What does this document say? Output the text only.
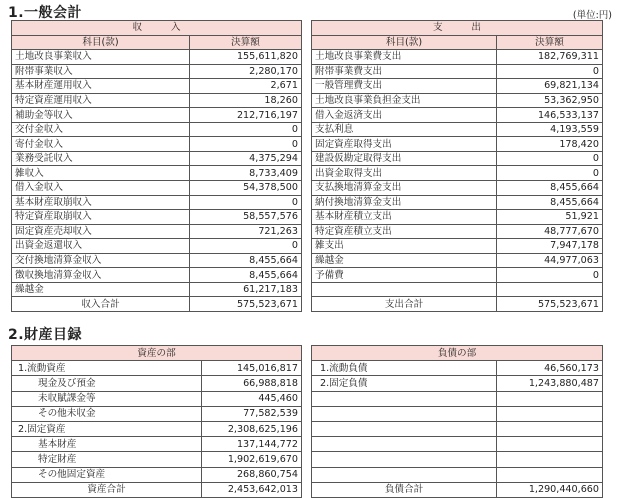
1.一般会計	(単位:円)
収　　　入	
科目(款)	決算額
土地改良事業収入	155,611,820
附帯事業収入	2,280,170
基本財産運用収入	2,671
特定資産運用収入	18,260
補助金等収入	212,716,197
交付金収入	0
寄付金収入	0
業務受託収入	4,375,294
雑収入	8,733,409
借入金収入	54,378,500
基本財産取崩収入	0
特定資産取崩収入	58,557,576
固定資産売却収入	721,263
出資金返還収入	0
交付換地清算金収入	8,455,664
徴収換地清算金収入	8,455,664
繰越金	61,217,183
収入合計	575,523,671
支　　　出	
科目(款)	決算額
土地改良事業費支出	182,769,311
附帯事業費支出	0
一般管理費支出	69,821,134
土地改良事業負担金支出	53,362,950
借入金返済支出	146,533,137
支払利息	4,193,559
固定資産取得支出	178,420
建設仮勘定取得支出	0
出資金取得支出	0
支払換地清算金支出	8,455,664
納付換地清算金支出	8,455,664
基本財産積立支出	51,921
特定資産積立支出	48,777,670
雑支出	7,947,178
繰越金	44,977,063
予備費	0

支出合計	575,523,671
2.財産目録
資産の部	
1.流動資産	145,016,817
現金及び預金	66,988,818
未収賦課金等	445,460
その他未収金	77,582,539
2.固定資産	2,308,625,196
基本財産	137,144,772
特定財産	1,902,619,670
その他固定資産	268,860,754
資産合計	2,453,642,013
負債の部	
1.流動負債	46,560,173
2.固定負債	1,243,880,487

負債合計	1,290,440,660
